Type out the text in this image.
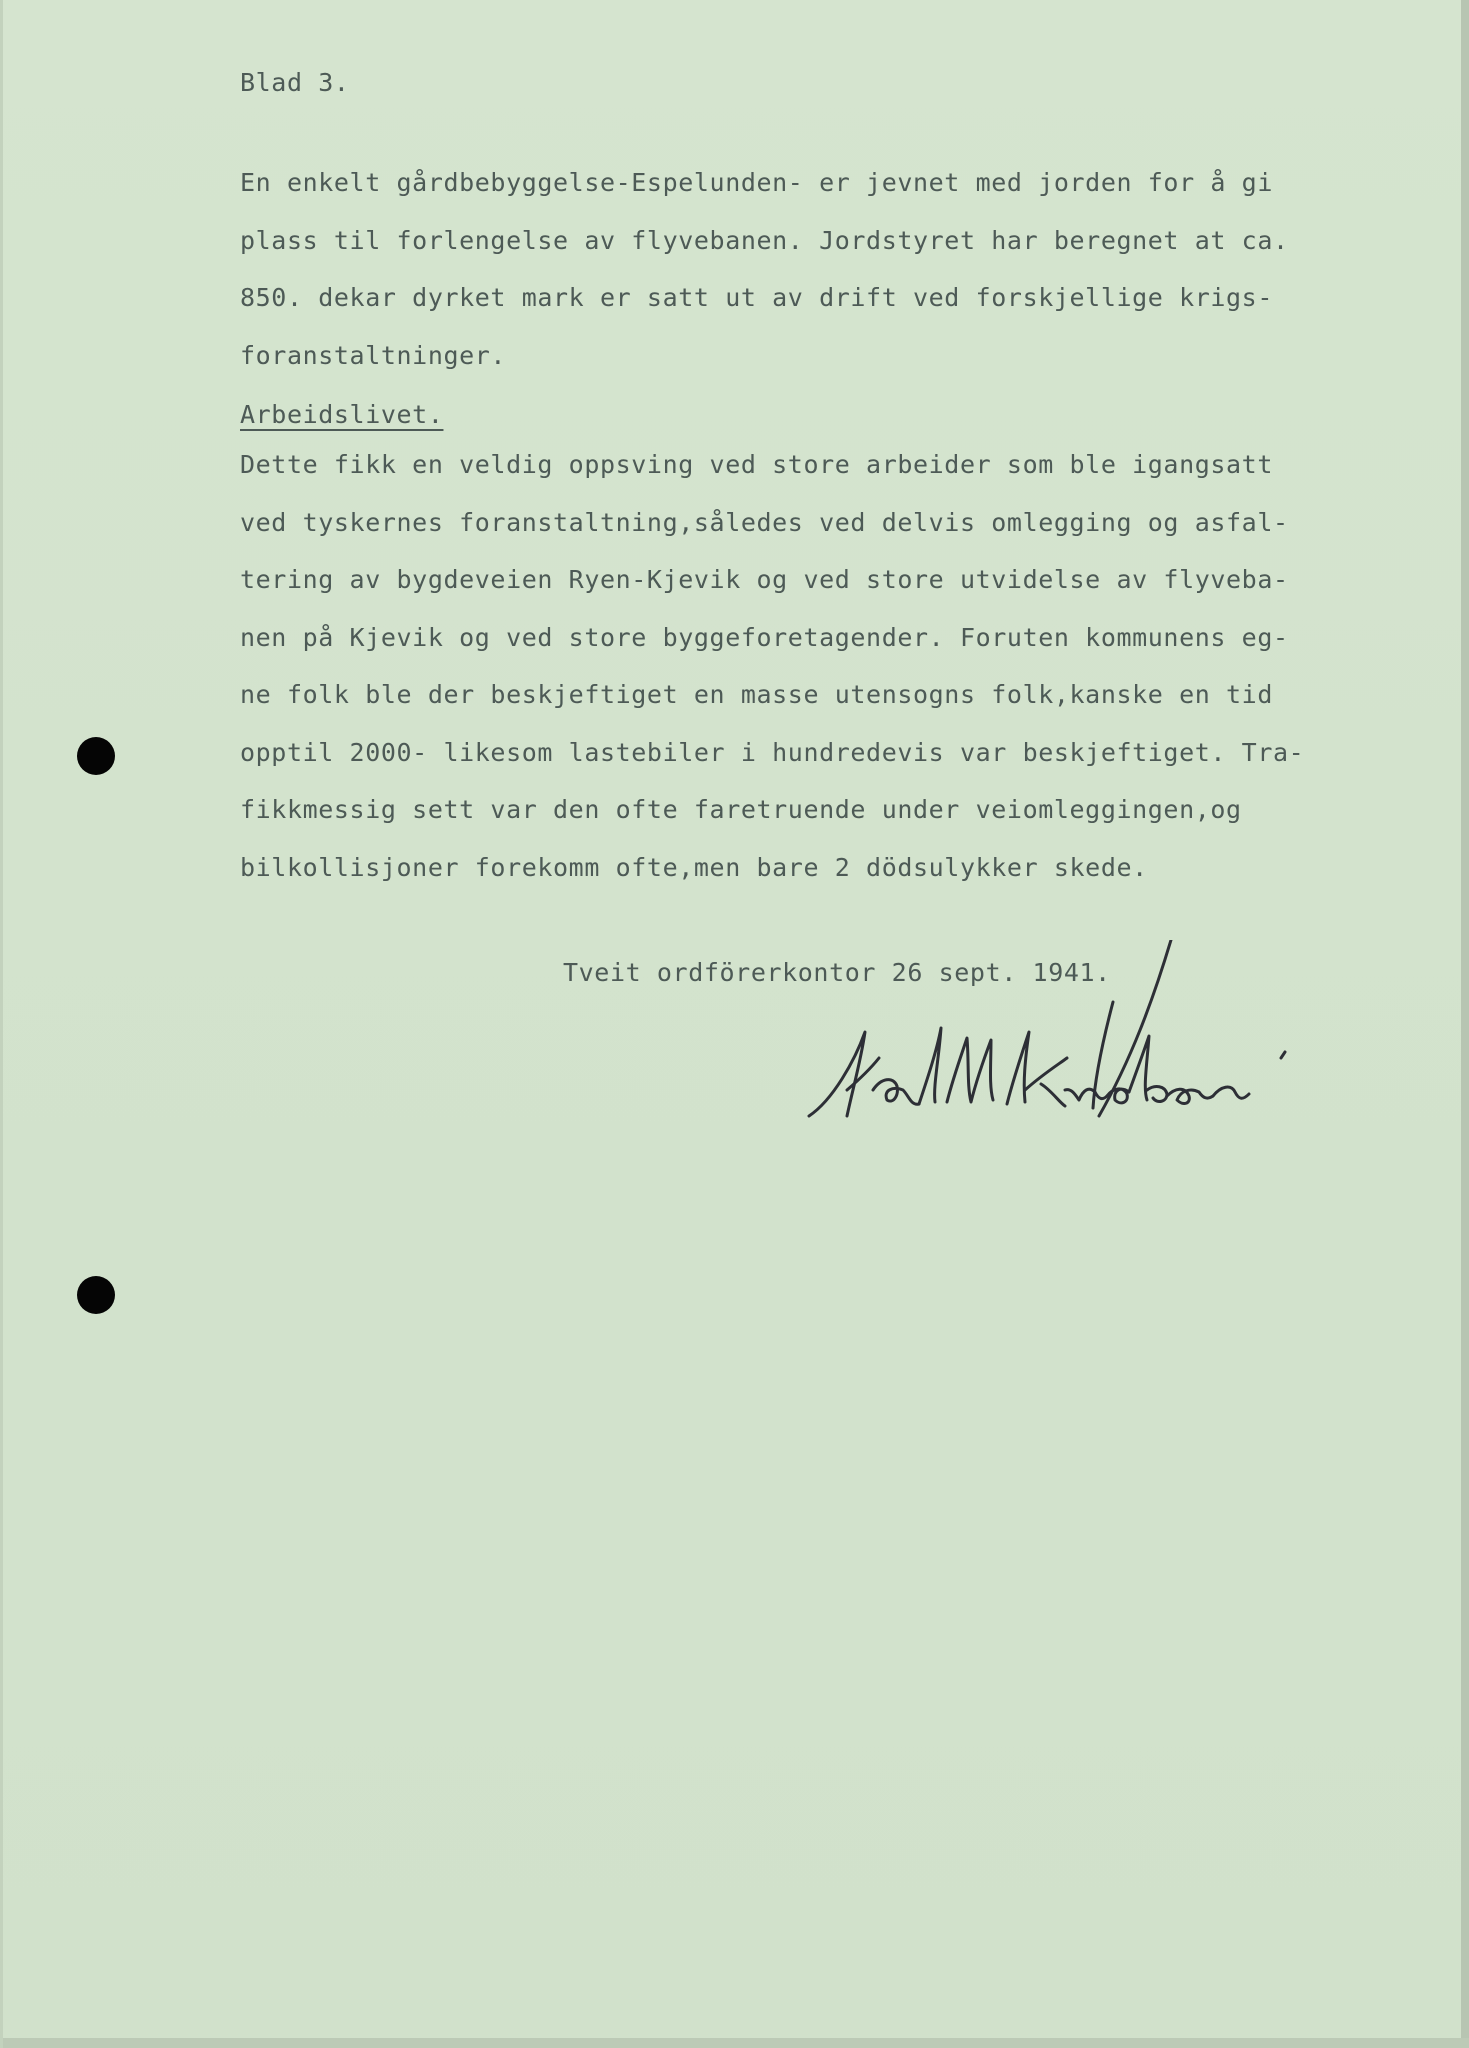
Blad 3.

En enkelt gårdbebyggelse-Espelunden- er jevnet med jorden for å gi
plass til forlengelse av flyvebanen. Jordstyret har beregnet at ca.
850. dekar dyrket mark er satt ut av drift ved forskjellige krigs-
foranstaltninger.

Arbeidslivet.

Dette fikk en veldig oppsving ved store arbeider som ble igangsatt
ved tyskernes foranstaltning,således ved delvis omlegging og asfal-
tering av bygdeveien Ryen-Kjevik og ved store utvidelse av flyveba-
nen på Kjevik og ved store byggeforetagender. Foruten kommunens eg-
ne folk ble der beskjeftiget en masse utensogns folk,kanske en tid
opptil 2000- likesom lastebiler i hundredevis var beskjeftiget. Tra-
fikkmessig sett var den ofte faretruende under veiomleggingen,og
bilkollisjoner forekomm ofte,men bare 2 dödsulykker skede.

Tveit ordförerkontor 26 sept. 1941.
